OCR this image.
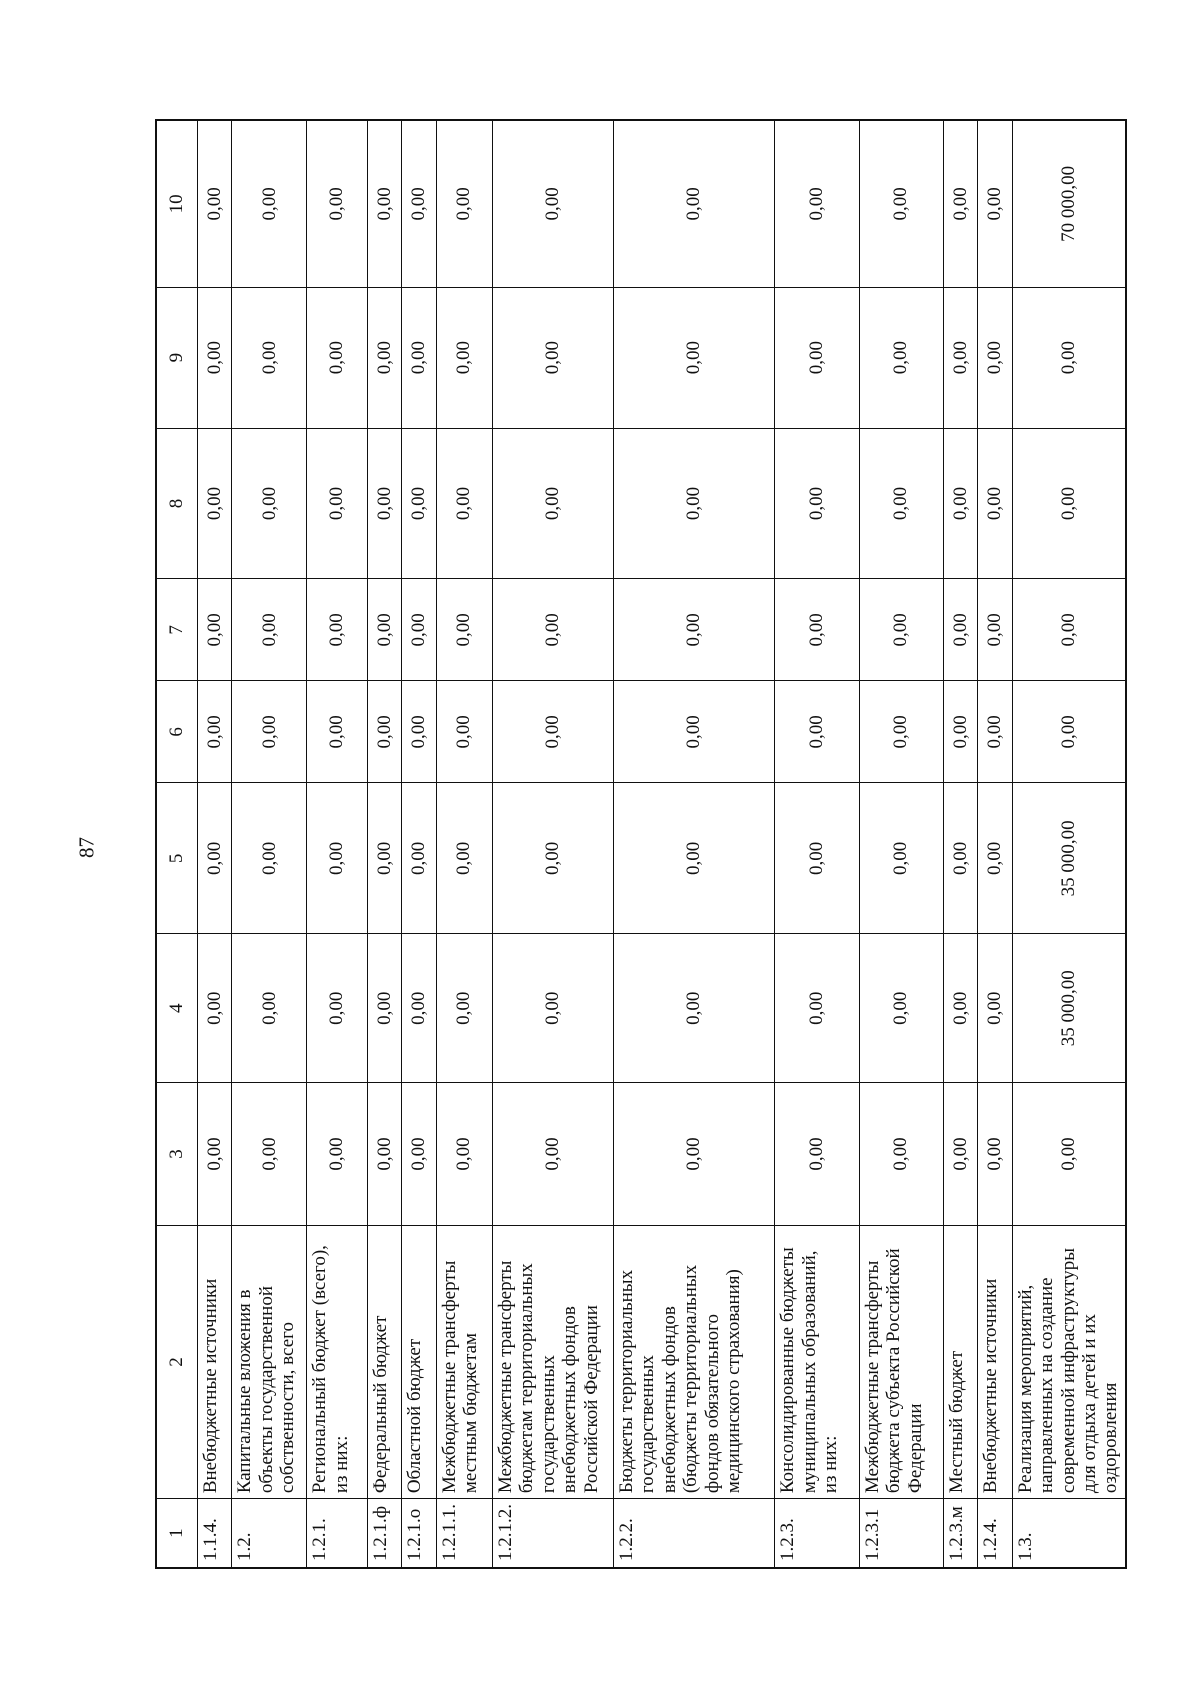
87
1	2	3	4	5	6	7	8	9	10
1.1.4.	Внебюджетные источники	0,00	0,00	0,00	0,00	0,00	0,00	0,00	0,00
1.2.	Капитальные вложения в объекты государственной собственности, всего	0,00	0,00	0,00	0,00	0,00	0,00	0,00	0,00
1.2.1.	Региональный бюджет (всего), из них:	0,00	0,00	0,00	0,00	0,00	0,00	0,00	0,00
1.2.1.ф	Федеральный бюджет	0,00	0,00	0,00	0,00	0,00	0,00	0,00	0,00
1.2.1.о	Областной бюджет	0,00	0,00	0,00	0,00	0,00	0,00	0,00	0,00
1.2.1.1.	Межбюджетные трансферты местным бюджетам	0,00	0,00	0,00	0,00	0,00	0,00	0,00	0,00
1.2.1.2.	Межбюджетные трансферты бюджетам территориальных государственных внебюджетных фондов Российской Федерации	0,00	0,00	0,00	0,00	0,00	0,00	0,00	0,00
1.2.2.	Бюджеты территориальных государственных внебюджетных фондов (бюджеты территориальных фондов обязательного медицинского страхования)	0,00	0,00	0,00	0,00	0,00	0,00	0,00	0,00
1.2.3.	Консолидированные бюджеты муниципальных образований, из них:	0,00	0,00	0,00	0,00	0,00	0,00	0,00	0,00
1.2.3.1	Межбюджетные трансферты бюджета субъекта Российской Федерации	0,00	0,00	0,00	0,00	0,00	0,00	0,00	0,00
1.2.3.м	Местный бюджет	0,00	0,00	0,00	0,00	0,00	0,00	0,00	0,00
1.2.4.	Внебюджетные источники	0,00	0,00	0,00	0,00	0,00	0,00	0,00	0,00
1.3.	Реализация мероприятий, направленных на создание современной инфраструктуры для отдыха детей и их оздоровления	0,00	35 000,00	35 000,00	0,00	0,00	0,00	0,00	70 000,00
